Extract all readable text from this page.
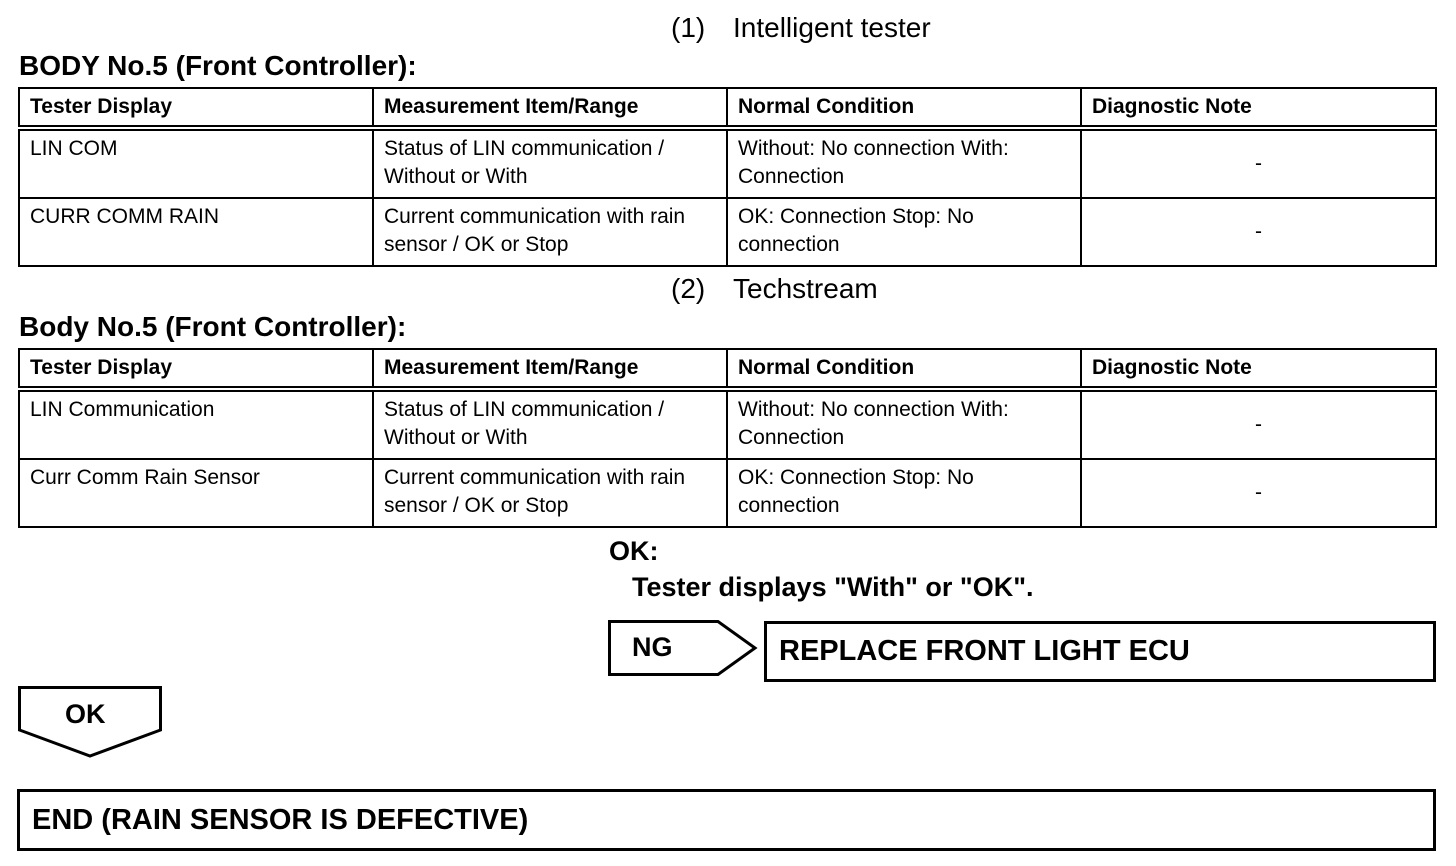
(1) Intelligent tester
BODY No.5 (Front Controller):
Tester Display	Measurement Item/Range	Normal Condition	Diagnostic Note
LIN COM	Status of LIN communication / Without or With	Without: No connection With: Connection	-
CURR COMM RAIN	Current communication with rain sensor / OK or Stop	OK: Connection Stop: No connection	-
(2) Techstream
Body No.5 (Front Controller):
Tester Display	Measurement Item/Range	Normal Condition	Diagnostic Note
LIN Communication	Status of LIN communication / Without or With	Without: No connection With: Connection	-
Curr Comm Rain Sensor	Current communication with rain sensor / OK or Stop	OK: Connection Stop: No connection	-
OK:
Tester displays "With" or "OK".
NG	REPLACE FRONT LIGHT ECU
OK
END (RAIN SENSOR IS DEFECTIVE)
